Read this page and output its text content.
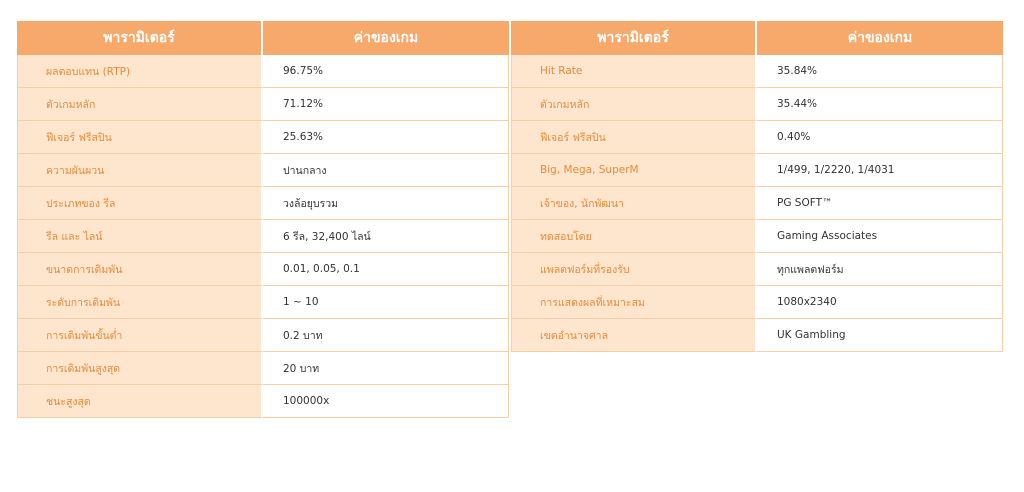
พารามิเตอร์	ค่าของเกม
ผลตอบแทน (RTP)	96.75%
ตัวเกมหลัก	71.12%
ฟีเจอร์ ฟรีสปิน	25.63%
ความผันผวน	ปานกลาง
ประเภทของ รีล	วงล้อยุบรวม
รีล และ ไลน์	6 รีล, 32,400 ไลน์
ขนาดการเดิมพัน	0.01, 0.05, 0.1
ระดับการเดิมพัน	1 ~ 10
การเดิมพันขั้นต่ำ	0.2 บาท
การเดิมพันสูงสุด	20 บาท
ชนะสูงสุด	100000x
พารามิเตอร์	ค่าของเกม
Hit Rate	35.84%
ตัวเกมหลัก	35.44%
ฟีเจอร์ ฟรีสปิน	0.40%
Big, Mega, SuperM	1/499, 1/2220, 1/4031
เจ้าของ, นักพัฒนา	PG SOFT™
ทดสอบโดย	Gaming Associates
แพลตฟอร์มที่รองรับ	ทุกแพลตฟอร์ม
การแสดงผลที่เหมาะสม	1080x2340
เขตอำนาจศาล	UK Gambling
